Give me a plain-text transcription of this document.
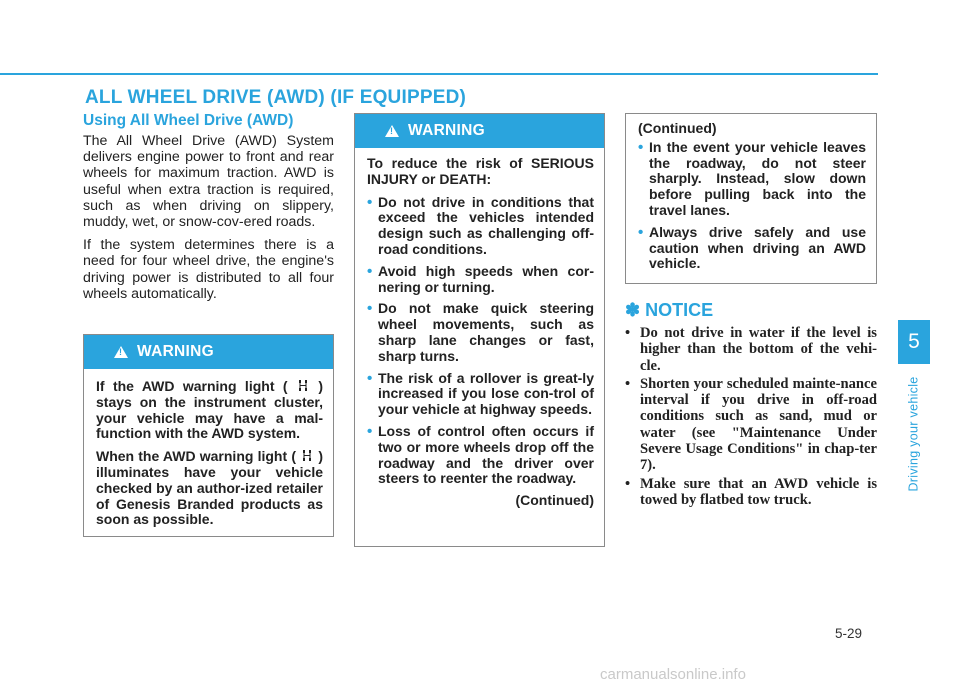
ALL WHEEL DRIVE (AWD) (IF EQUIPPED)
Using All Wheel Drive (AWD)

The All Wheel Drive (AWD) System delivers engine power to front and rear wheels for maximum traction. AWD is useful when extra traction is required, such as when driving on slippery, muddy, wet, or snow-cov-ered roads.

If the system determines there is a need for four wheel drive, the engine's driving power is distributed to all four wheels automatically.

!
WARNING

If the AWD warning light ( ) stays on the instrument cluster, your vehicle may have a mal-function with the AWD system.

When the AWD warning light ( ) illuminates have your vehicle checked by an author-ized retailer of Genesis Branded products as soon as possible.

!
WARNING

To reduce the risk of SERIOUS INJURY or DEATH:

• Do not drive in conditions that exceed the vehicles intended design such as challenging off-road conditions.
• Avoid high speeds when cor-nering or turning.
• Do not make quick steering wheel movements, such as sharp lane changes or fast, sharp turns.
• The risk of a rollover is great-ly increased if you lose con-trol of your vehicle at highway speeds.
• Loss of control often occurs if two or more wheels drop off the roadway and the driver over steers to reenter the roadway.
(Continued)

(Continued)

• In the event your vehicle leaves the roadway, do not steer sharply. Instead, slow down before pulling back into the travel lanes.
• Always drive safely and use caution when driving an AWD vehicle.
✽ NOTICE
• Do not drive in water if the level is higher than the bottom of the vehi-cle.
• Shorten your scheduled mainte-nance interval if you drive in off-road conditions such as sand, mud or water (see "Maintenance Under Severe Usage Conditions" in chap-ter 7).
• Make sure that an AWD vehicle is towed by flatbed tow truck.
5
Driving your vehicle
5-29
carmanualsonline.info
